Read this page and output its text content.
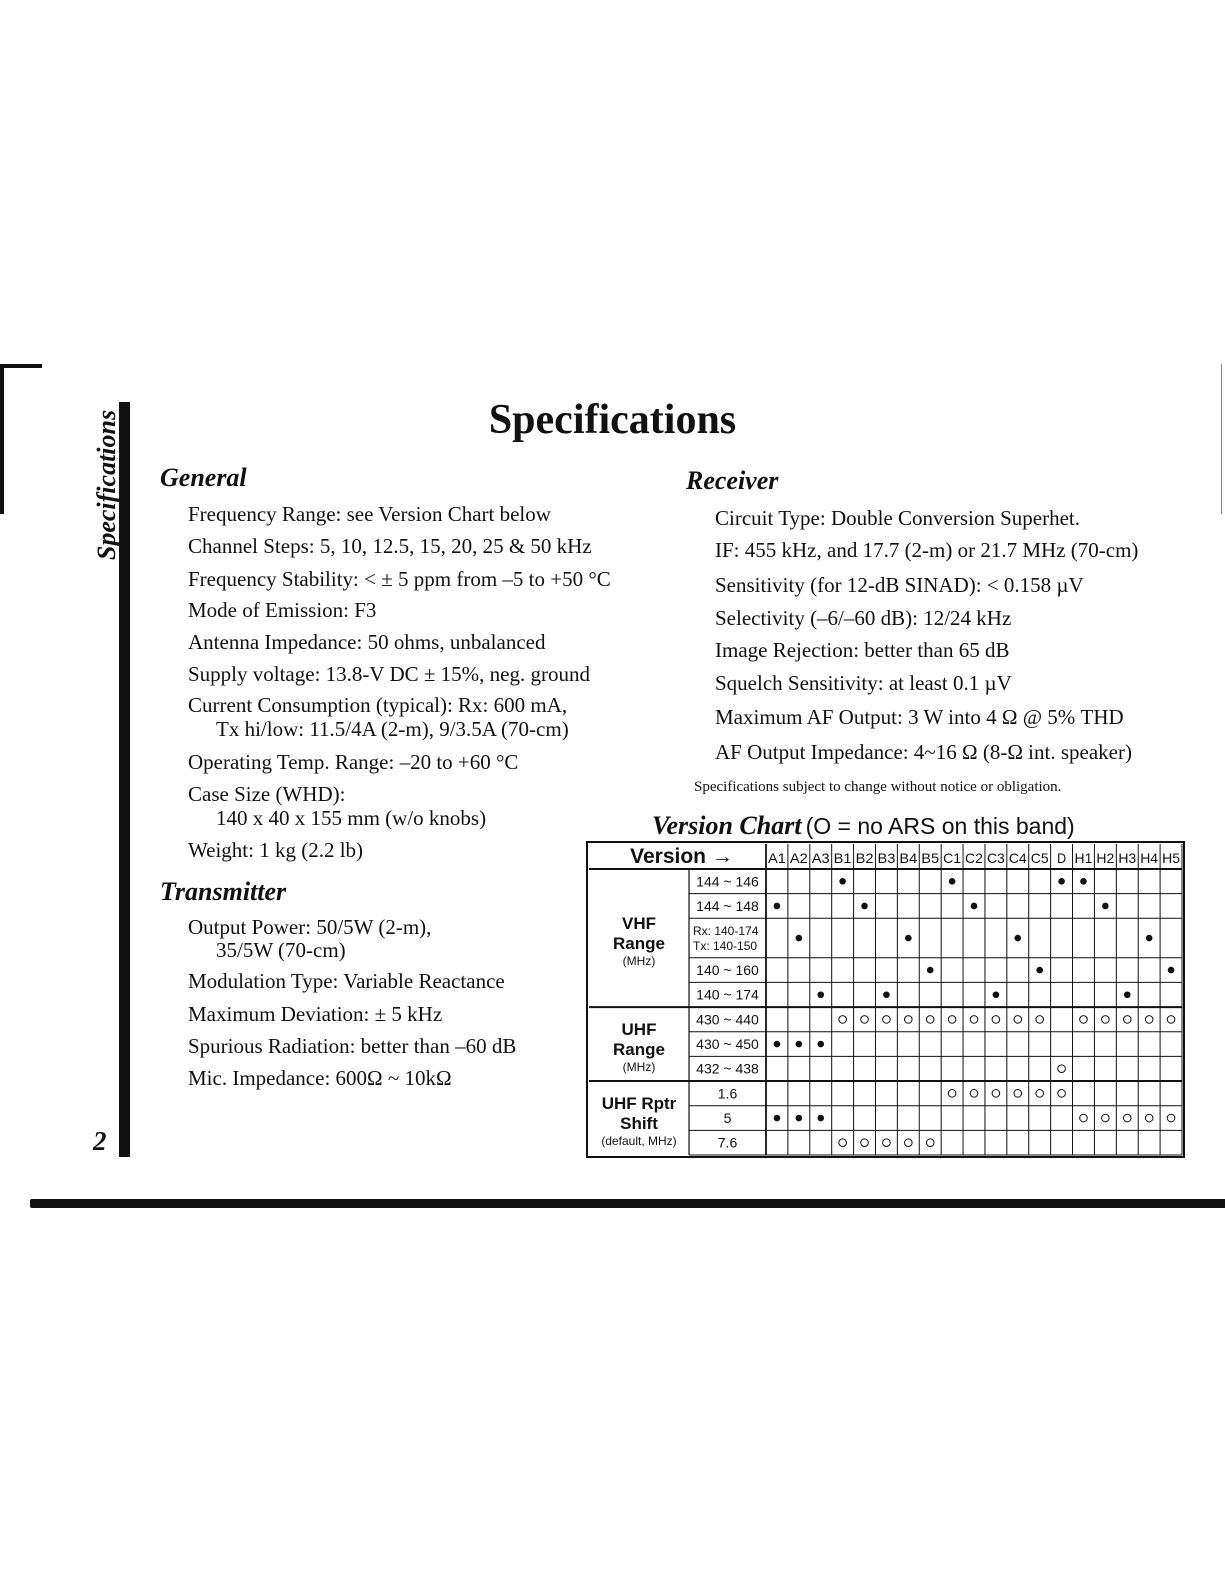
Specifications
2
Specifications
General
Frequency Range: see Version Chart below
Channel Steps: 5, 10, 12.5, 15, 20, 25 & 50 kHz
Frequency Stability: < ± 5 ppm from –5 to +50 °C
Mode of Emission: F3
Antenna Impedance: 50 ohms, unbalanced
Supply voltage: 13.8-V DC ± 15%, neg. ground
Current Consumption (typical): Rx: 600 mA,
Tx hi/low: 11.5/4A (2-m), 9/3.5A (70-cm)
Operating Temp. Range: –20 to +60 °C
Case Size (WHD):
140 x 40 x 155 mm (w/o knobs)
Weight: 1 kg (2.2 lb)
Transmitter
Output Power: 50/5W (2-m),
35/5W (70-cm)
Modulation Type: Variable Reactance
Maximum Deviation: ± 5 kHz
Spurious Radiation: better than –60 dB
Mic. Impedance: 600Ω ~ 10kΩ
Receiver
Circuit Type: Double Conversion Superhet.
IF: 455 kHz, and 17.7 (2-m) or 21.7 MHz (70-cm)
Sensitivity (for 12-dB SINAD): < 0.158 µV
Selectivity (–6/–60 dB): 12/24 kHz
Image Rejection: better than 65 dB
Squelch Sensitivity: at least 0.1 µV
Maximum AF Output: 3 W into 4 Ω @ 5% THD
AF Output Impedance: 4~16 Ω (8-Ω int. speaker)
Specifications subject to change without notice or obligation.
Version Chart (O = no ARS on this band)
Version →	A1 A2 A3 B1 B2 B3 B4 B5 C1 C2 C3 C4 C5 D H1 H2 H3 H4 H5
144 ~ 146
144 ~ 148
Rx: 140-174
Tx: 140-150
140 ~ 160
140 ~ 174
VHF
Range
(MHz)
430 ~ 440
430 ~ 450
432 ~ 438
UHF
Range
(MHz)
1.6
5
7.6
UHF Rptr
Shift
(default, MHz)
